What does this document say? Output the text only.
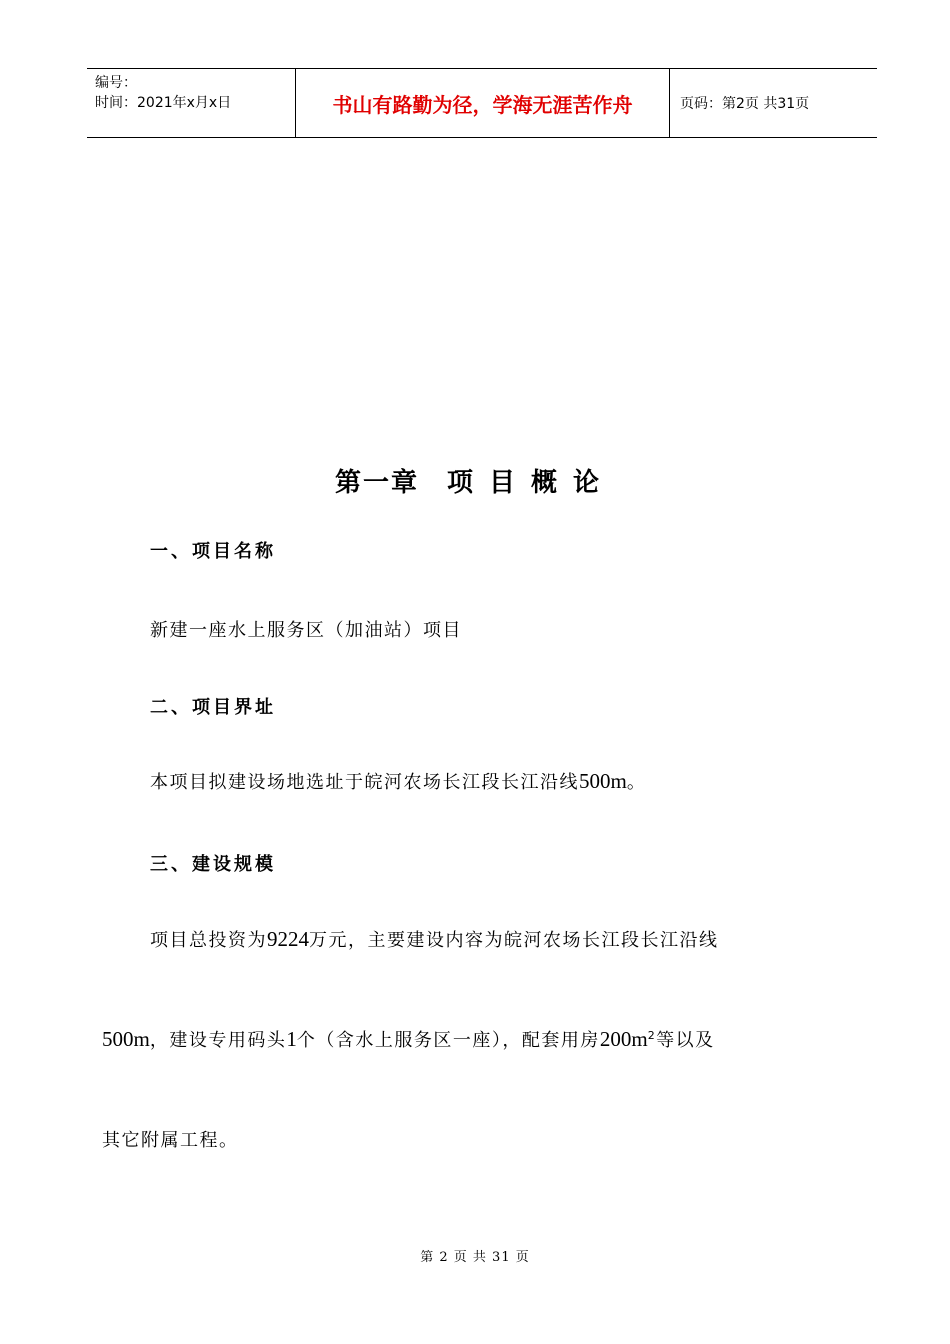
编号：
时间：2021年x月x日	书山有路勤为径，学海无涯苦作舟	页码：第2页 共31页
第一章 项目概论
一、项目名称
新建一座水上服务区（加油站）项目
二、项目界址
本项目拟建设场地选址于皖河农场长江段长江沿线500m。
三、建设规模
项目总投资为9224万元，主要建设内容为皖河农场长江段长江沿线
500m，建设专用码头1个（含水上服务区一座），配套用房$200m^2$等以及
其它附属工程。
第 2 页 共 31 页
